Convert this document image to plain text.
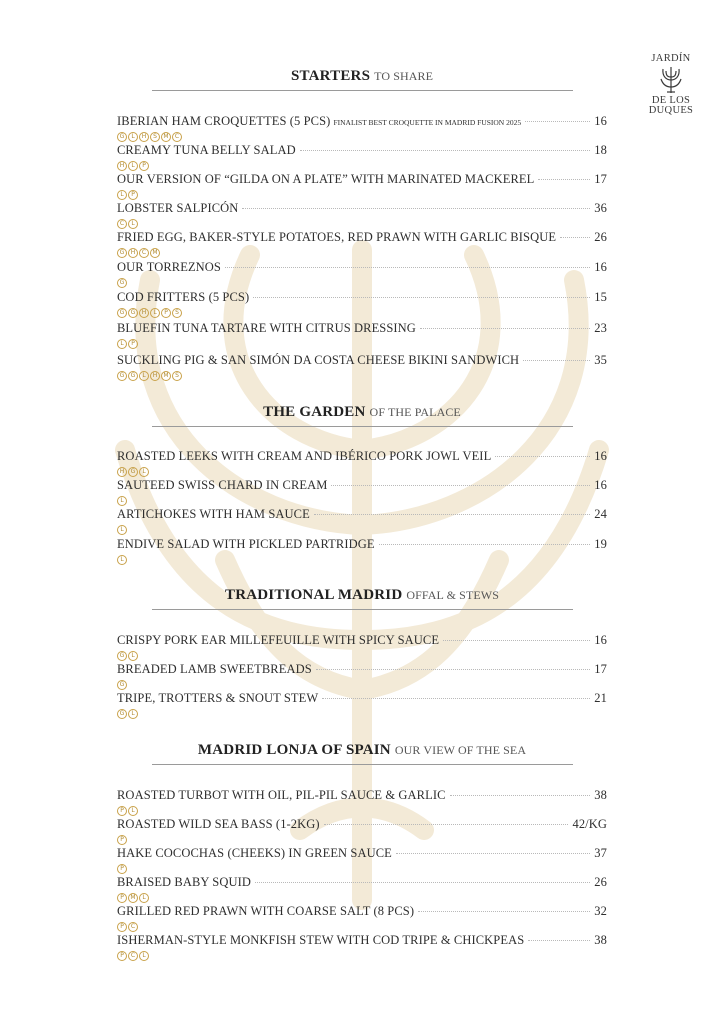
JARDÍN
DE LOS
DUQUES
STARTERS TO SHARE
IBERIAN HAM CROQUETTES (5 PCS) FINALIST BEST CROQUETTE IN MADRID FUSION 2025	16
G	L	H	S	M	C
CREAMY TUNA BELLY SALAD	18
H	L	P
OUR VERSION OF “GILDA ON A PLATE” WITH MARINATED MACKEREL	17
L	P
LOBSTER SALPICÓN	36
C	L
FRIED EGG, BAKER-STYLE POTATOES, RED PRAWN WITH GARLIC BISQUE	26
G	H	C	M
OUR TORREZNOS	16
G
COD FRITTERS (5 PCS)	15
G	G	H	L	P	S
BLUEFIN TUNA TARTARE WITH CITRUS DRESSING	23
L	P
SUCKLING PIG & SAN SIMÓN DA COSTA CHEESE BIKINI SANDWICH	35
G	G	L	H	M	S
THE GARDEN OF THE PALACE
ROASTED LEEKS WITH CREAM AND IBÉRICO PORK JOWL VEIL	16
H	G	L
SAUTEED SWISS CHARD IN CREAM	16
L
ARTICHOKES WITH HAM SAUCE	24
L
ENDIVE SALAD WITH PICKLED PARTRIDGE	19
L
TRADITIONAL MADRID OFFAL & STEWS
CRISPY PORK EAR MILLEFEUILLE WITH SPICY SAUCE	16
G	L
BREADED LAMB SWEETBREADS	17
G
TRIPE, TROTTERS & SNOUT STEW	21
G	L
MADRID LONJA OF SPAIN OUR VIEW OF THE SEA
ROASTED TURBOT WITH OIL, PIL-PIL SAUCE & GARLIC	38
P	L
ROASTED WILD SEA BASS (1-2KG)	42/KG
P
HAKE COCOCHAS (CHEEKS) IN GREEN SAUCE	37
P
BRAISED BABY SQUID	26
P	M	L
GRILLED RED PRAWN WITH COARSE SALT (8 PCS)	32
P	C
ISHERMAN-STYLE MONKFISH STEW WITH COD TRIPE & CHICKPEAS	38
P	C	L
